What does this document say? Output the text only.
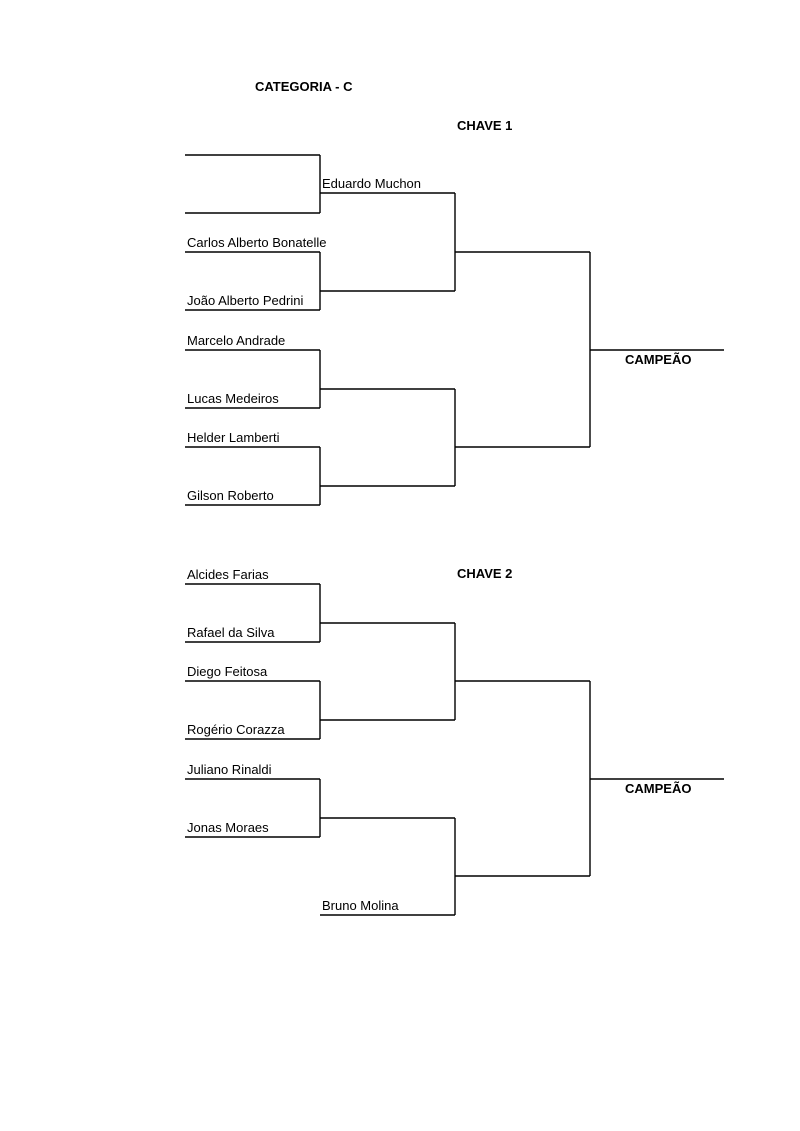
CATEGORIA - C
CHAVE 1
CHAVE 2
Eduardo Muchon
Carlos Alberto Bonatelle
João Alberto Pedrini
Marcelo Andrade
Lucas Medeiros
Helder Lamberti
Gilson Roberto
CAMPEÃO
Alcides Farias
Rafael da Silva
Diego Feitosa
Rogério Corazza
Juliano Rinaldi
Jonas Moraes
Bruno Molina
CAMPEÃO
